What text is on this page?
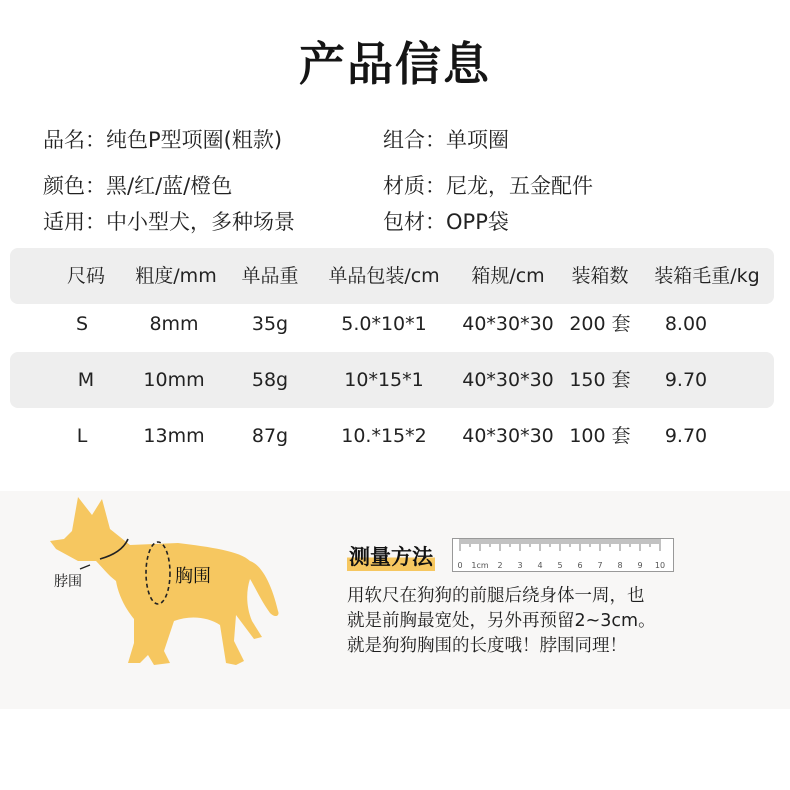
产品信息
品名：纯色P型项圈(粗款)	组合：单项圈
颜色：黑/红/蓝/橙色	材质：尼龙，五金配件
适用：中小型犬，多种场景	包材：OPP袋
尺码	粗度/mm	单品重	单品包装/cm	箱规/cm	装箱数	装箱毛重/kg
S	8mm	35g	5.0*10*1	40*30*30 200 套	8.00
M	10mm	58g	10*15*1	40*30*30 150 套	9.70
L	13mm	87g	10.*15*2	40*30*30 100 套	9.70
脖围	胸围
测量方法	0 1cm 2 3 4 5 6 7 8 9 10
用软尺在狗狗的前腿后绕身体一周，也
就是前胸最宽处，另外再预留2~3cm。
就是狗狗胸围的长度哦！脖围同理！
